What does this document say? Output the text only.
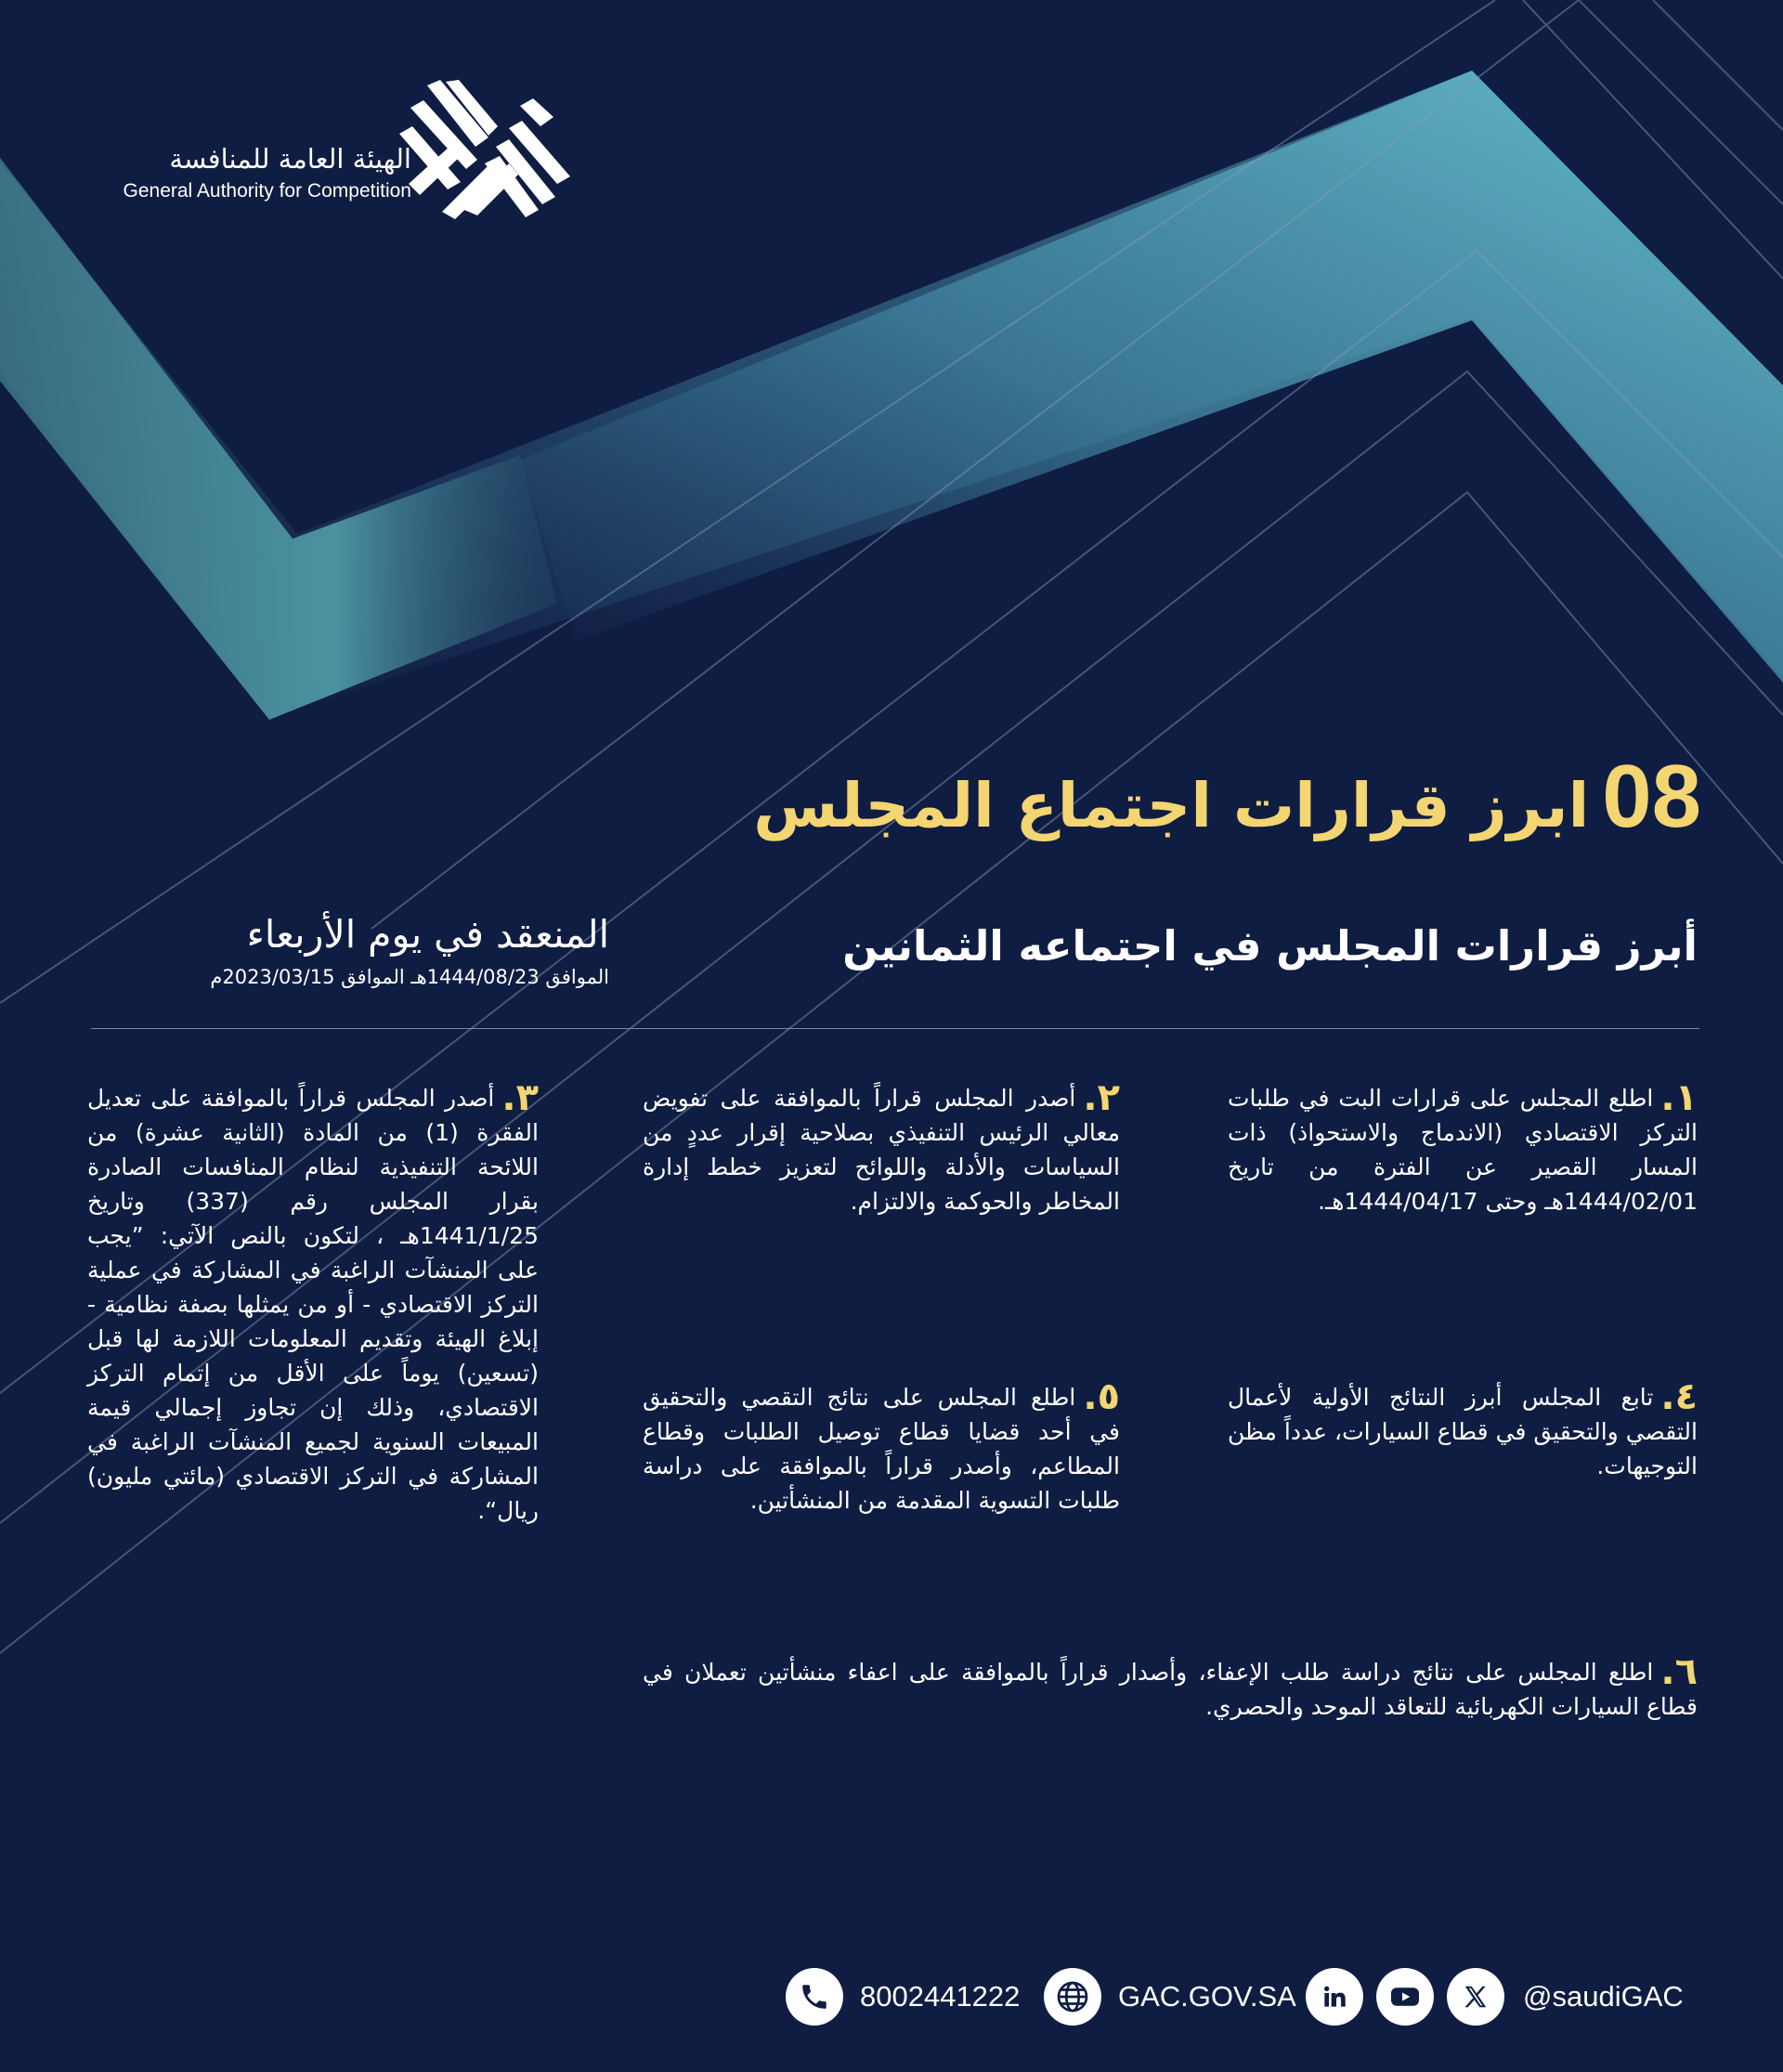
الهيئة العامة للمنافسة
General Authority for Competition
08ابرز قرارات اجتماع المجلس
أبرز قرارات المجلس في اجتماعه الثمانين
المنعقد في يوم الأربعاء
الموافق 1444/08/23هـ الموافق 2023/03/15م
١.اطلع المجلس على قرارات البت في طلبات التركز الاقتصادي (الاندماج والاستحواذ) ذات المسار القصير عن الفترة من تاريخ 1444/02/01هـ وحتى 1444/04/17هـ.
٢.أصدر المجلس قراراً بالموافقة على تفويض معالي الرئيس التنفيذي بصلاحية إقرار عددٍ من السياسات والأدلة واللوائح لتعزيز خطط إدارة المخاطر والحوكمة والالتزام.
٣.أصدر المجلس قراراً بالموافقة على تعديل الفقرة (1) من المادة (الثانية عشرة) من اللائحة التنفيذية لنظام المنافسات الصادرة بقرار المجلس رقم (337) وتاريخ 1441/1/25هـ ، لتكون بالنص الآتي: ”يجب على المنشآت الراغبة في المشاركة في عملية التركز الاقتصادي - أو من يمثلها بصفة نظامية - إبلاغ الهيئة وتقديم المعلومات اللازمة لها قبل (تسعين) يوماً على الأقل من إتمام التركز الاقتصادي، وذلك إن تجاوز إجمالي قيمة المبيعات السنوية لجميع المنشآت الراغبة في المشاركة في التركز الاقتصادي (مائتي مليون) ريال“.
٤.تابع المجلس أبرز النتائج الأولية لأعمال التقصي والتحقيق في قطاع السيارات، عدداً مظن التوجيهات.
٥.اطلع المجلس على نتائج التقصي والتحقيق في أحد قضايا قطاع توصيل الطلبات وقطاع المطاعم، وأصدر قراراً بالموافقة على دراسة طلبات التسوية المقدمة من المنشأتين.
٦.اطلع المجلس على نتائج دراسة طلب الإعفاء، وأصدار قراراً بالموافقة على اعفاء منشأتين تعملان في قطاع السيارات الكهربائية للتعاقد الموحد والحصري.
8002441222	GAC.GOV.SA	@saudiGAC
